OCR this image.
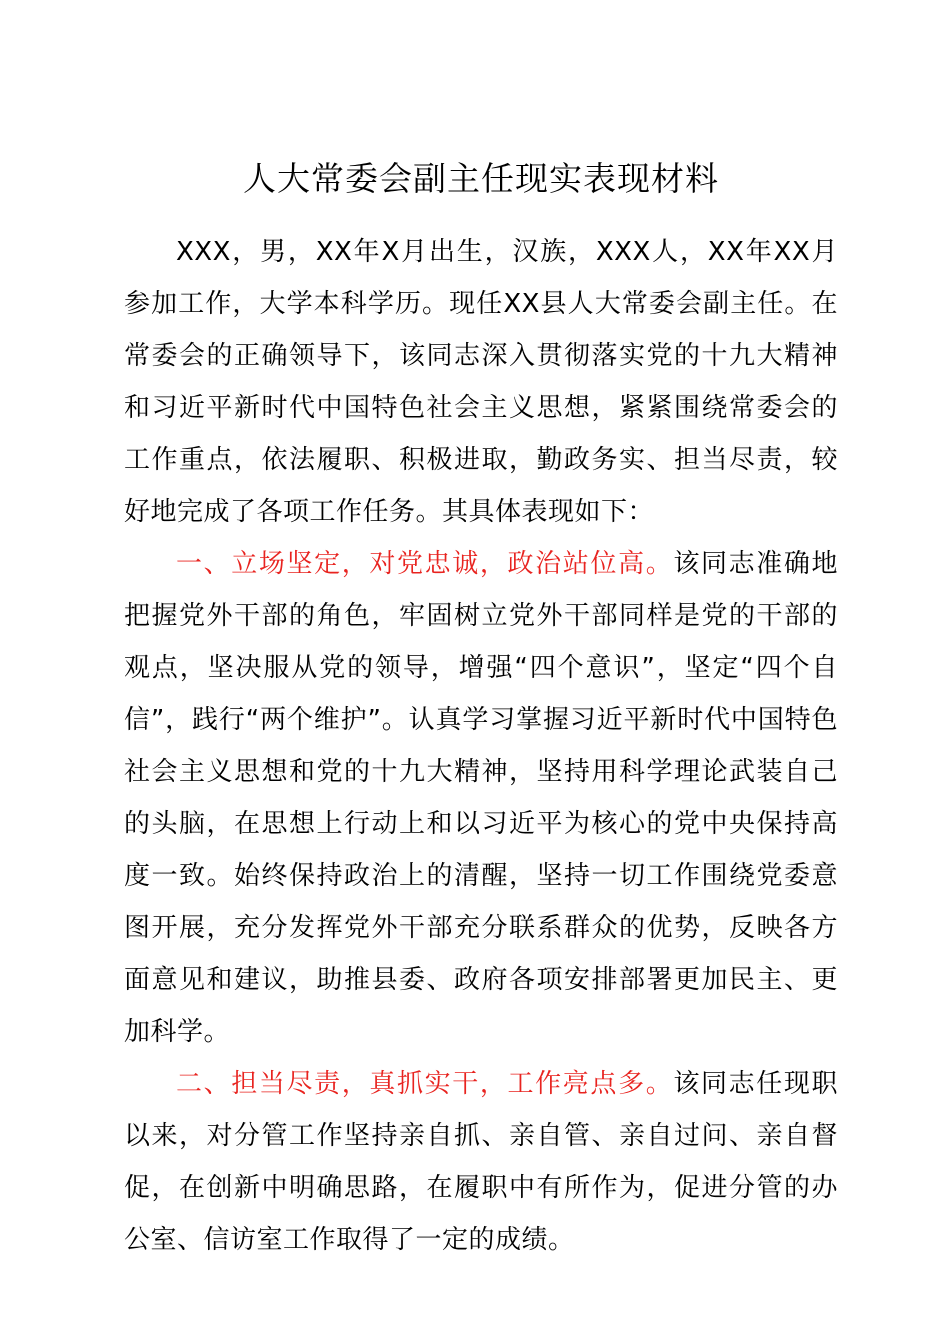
人大常委会副主任现实表现材料

XXX，男，XX年X月出生，汉族，XXX人，XX年XX月参加工作，大学本科学历。现任XX县人大常委会副主任。在常委会的正确领导下，该同志深入贯彻落实党的十九大精神和习近平新时代中国特色社会主义思想，紧紧围绕常委会的工作重点，依法履职、积极进取，勤政务实、担当尽责，较好地完成了各项工作任务。其具体表现如下：

一、立场坚定，对党忠诚，政治站位高。该同志准确地把握党外干部的角色，牢固树立党外干部同样是党的干部的观点，坚决服从党的领导，增强“四个意识”，坚定“四个自信”，践行“两个维护”。认真学习掌握习近平新时代中国特色社会主义思想和党的十九大精神，坚持用科学理论武装自己的头脑，在思想上行动上和以习近平为核心的党中央保持高度一致。始终保持政治上的清醒，坚持一切工作围绕党委意图开展，充分发挥党外干部充分联系群众的优势，反映各方面意见和建议，助推县委、政府各项安排部署更加民主、更加科学。

二、担当尽责，真抓实干，工作亮点多。该同志任现职以来，对分管工作坚持亲自抓、亲自管、亲自过问、亲自督促，在创新中明确思路，在履职中有所作为，促进分管的办公室、信访室工作取得了一定的成绩。
